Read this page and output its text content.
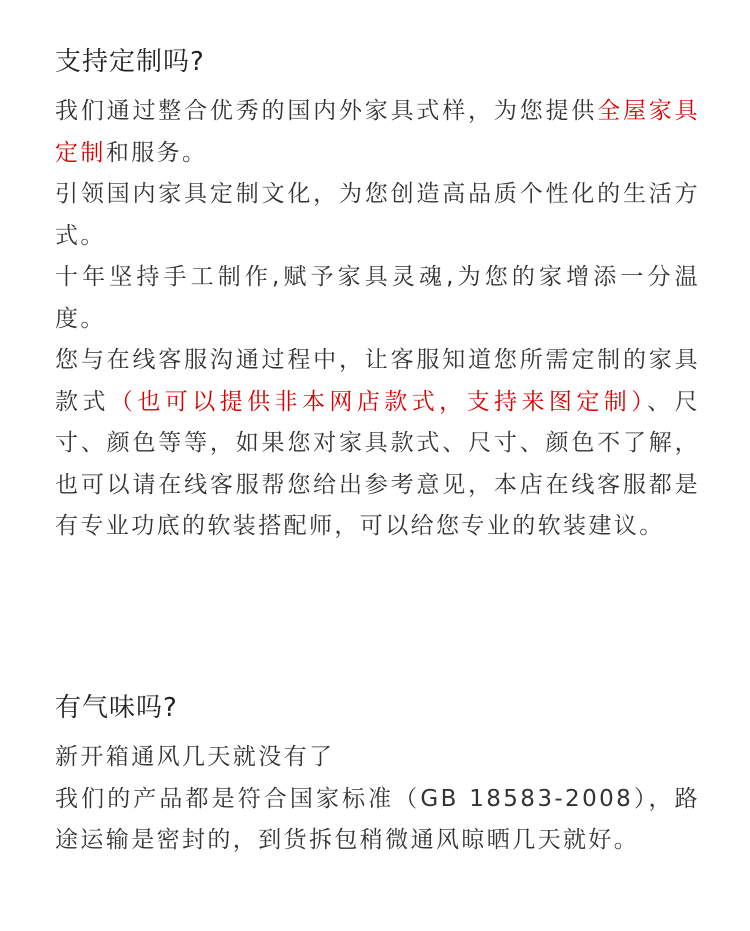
支持定制吗?

我们通过整合优秀的国内外家具式样，为您提供全屋家具定制和服务。

引领国内家具定制文化，为您创造高品质个性化的生活方式。

十年坚持手工制作,赋予家具灵魂,为您的家增添一分温度。

您与在线客服沟通过程中，让客服知道您所需定制的家具款式（也可以提供非本网店款式，支持来图定制）、尺寸、颜色等等，如果您对家具款式、尺寸、颜色不了解，也可以请在线客服帮您给出参考意见，本店在线客服都是有专业功底的软装搭配师，可以给您专业的软装建议。

有气味吗?

新开箱通风几天就没有了

我们的产品都是符合国家标准（GB 18583-2008），路途运输是密封的，到货拆包稍微通风晾晒几天就好。
